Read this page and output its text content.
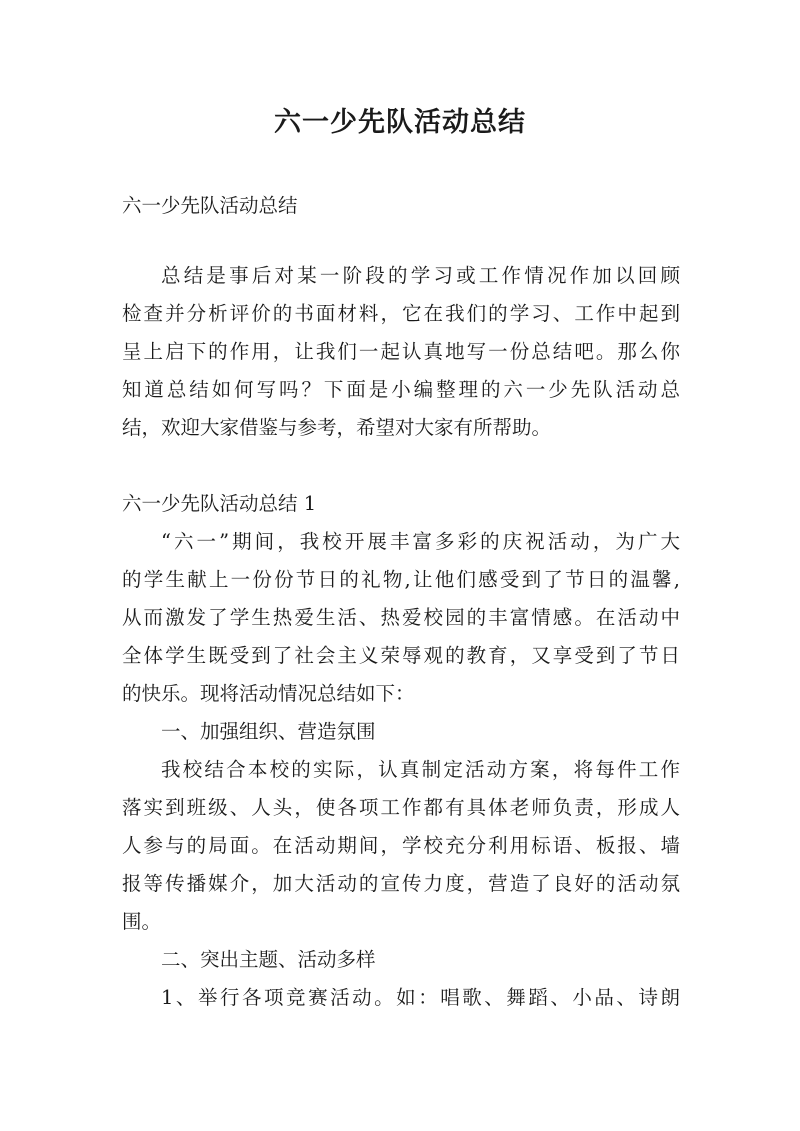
六一少先队活动总结
六一少先队活动总结
总结是事后对某一阶段的学习或工作情况作加以回顾
检查并分析评价的书面材料，它在我们的学习、工作中起到
呈上启下的作用，让我们一起认真地写一份总结吧。那么你
知道总结如何写吗？下面是小编整理的六一少先队活动总
结，欢迎大家借鉴与参考，希望对大家有所帮助。
六一少先队活动总结 1
“六一”期间，我校开展丰富多彩的庆祝活动，为广大
的学生献上一份份节日的礼物,让他们感受到了节日的温馨,
从而激发了学生热爱生活、热爱校园的丰富情感。在活动中
全体学生既受到了社会主义荣辱观的教育，又享受到了节日
的快乐。现将活动情况总结如下：
一、加强组织、营造氛围
我校结合本校的实际，认真制定活动方案，将每件工作
落实到班级、人头，使各项工作都有具体老师负责，形成人
人参与的局面。在活动期间，学校充分利用标语、板报、墙
报等传播媒介，加大活动的宣传力度，营造了良好的活动氛
围。
二、突出主题、活动多样
1、举行各项竞赛活动。如：唱歌、舞蹈、小品、诗朗
